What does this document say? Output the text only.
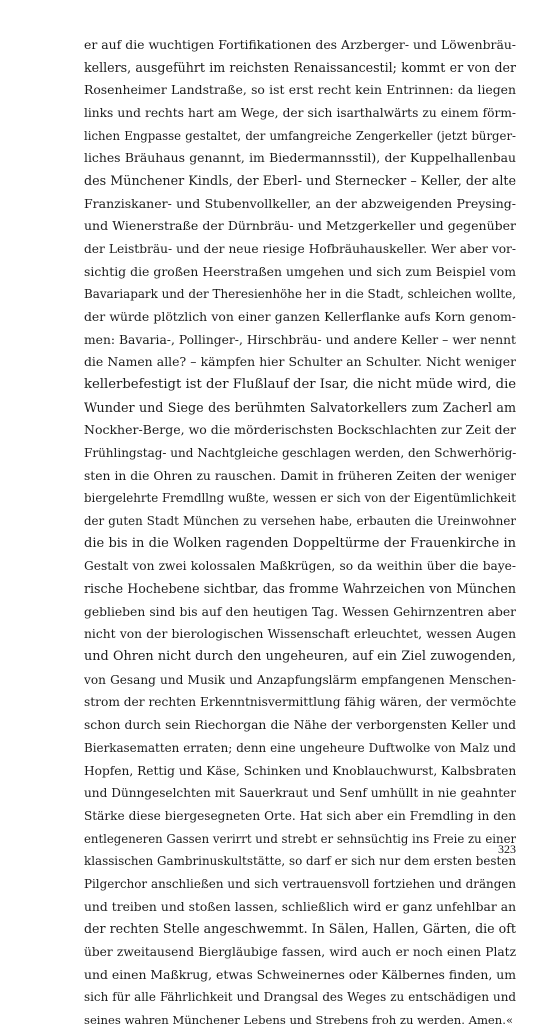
er auf die wuchtigen Fortifikationen des Arzberger- und Löwenbräu-
kellers, ausgeführt im reichsten Renaissancestil; kommt er von der
Rosenheimer Landstraße, so ist erst recht kein Entrinnen: da liegen
links und rechts hart am Wege, der sich isarthalwärts zu einem förm-
lichen Engpasse gestaltet, der umfangreiche Zengerkeller (jetzt bürger-
liches Bräuhaus genannt, im Biedermannsstil), der Kuppelhallenbau
des Münchener Kindls, der Eberl- und Sternecker – Keller, der alte
Franziskaner- und Stubenvollkeller, an der abzweigenden Preysing-
und Wienerstraße der Dürnbräu- und Metzgerkeller und gegenüber
der Leistbräu- und der neue riesige Hofbräuhauskeller. Wer aber vor-
sichtig die großen Heerstraßen umgehen und sich zum Beispiel vom
Bavariapark und der Theresienhöhe her in die Stadt, schleichen wollte,
der würde plötzlich von einer ganzen Kellerflanke aufs Korn genom-
men: Bavaria-, Pollinger-, Hirschbräu- und andere Keller – wer nennt
die Namen alle? – kämpfen hier Schulter an Schulter. Nicht weniger
kellerbefestigt ist der Flußlauf der Isar, die nicht müde wird, die
Wunder und Siege des berühmten Salvatorkellers zum Zacherl am
Nockher-Berge, wo die mörderischsten Bockschlachten zur Zeit der
Frühlingstag- und Nachtgleiche geschlagen werden, den Schwerhörig-
sten in die Ohren zu rauschen. Damit in früheren Zeiten der weniger
biergelehrte Fremdllng wußte, wessen er sich von der Eigentümlichkeit
der guten Stadt München zu versehen habe, erbauten die Ureinwohner
die bis in die Wolken ragenden Doppeltürme der Frauenkirche in
Gestalt von zwei kolossalen Maßkrügen, so da weithin über die baye-
rische Hochebene sichtbar, das fromme Wahrzeichen von München
geblieben sind bis auf den heutigen Tag. Wessen Gehirnzentren aber
nicht von der bierologischen Wissenschaft erleuchtet, wessen Augen
und Ohren nicht durch den ungeheuren, auf ein Ziel zuwogenden,
von Gesang und Musik und Anzapfungslärm empfangenen Menschen-
strom der rechten Erkenntnisvermittlung fähig wären, der vermöchte
schon durch sein Riechorgan die Nähe der verborgensten Keller und
Bierkasematten erraten; denn eine ungeheure Duftwolke von Malz und
Hopfen, Rettig und Käse, Schinken und Knoblauchwurst, Kalbsbraten
und Dünngeselchten mit Sauerkraut und Senf umhüllt in nie geahnter
Stärke diese biergesegneten Orte. Hat sich aber ein Fremdling in den
entlegeneren Gassen verirrt und strebt er sehnsüchtig ins Freie zu einer
klassischen Gambrinuskultstätte, so darf er sich nur dem ersten besten
Pilgerchor anschließen und sich vertrauensvoll fortziehen und drängen
und treiben und stoßen lassen, schließlich wird er ganz unfehlbar an
der rechten Stelle angeschwemmt. In Sälen, Hallen, Gärten, die oft
über zweitausend Biergläubige fassen, wird auch er noch einen Platz
und einen Maßkrug, etwas Schweinernes oder Kälbernes finden, um
sich für alle Fährlichkeit und Drangsal des Weges zu entschädigen und
seines wahren Münchener Lebens und Strebens froh zu werden. Amen.«
323
